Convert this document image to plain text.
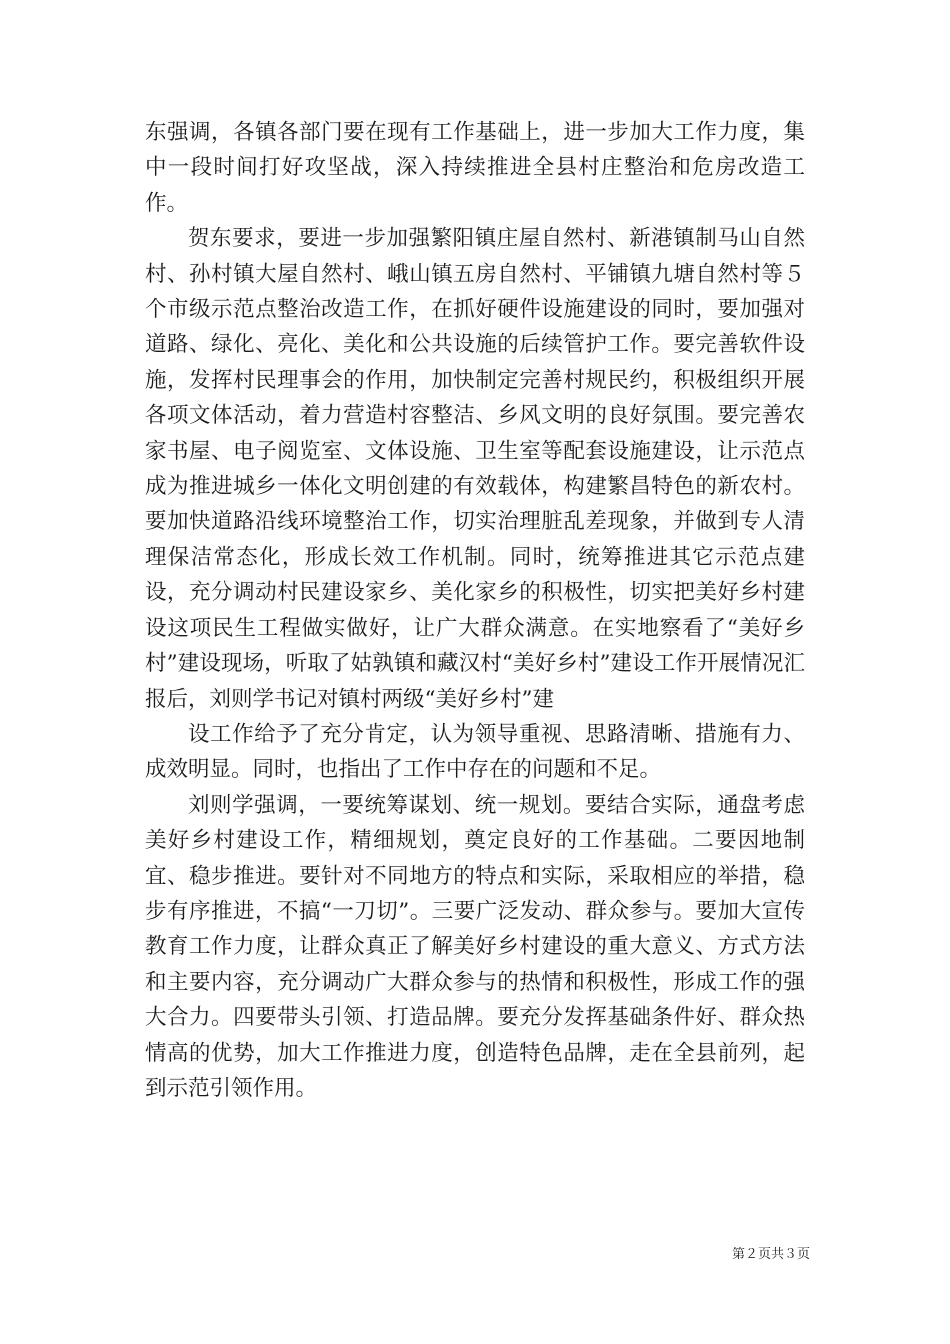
东强调，各镇各部门要在现有工作基础上，进一步加大工作力度，集中一段时间打好攻坚战，深入持续推进全县村庄整治和危房改造工作。

贺东要求，要进一步加强繁阳镇庄屋自然村、新港镇制马山自然村、孙村镇大屋自然村、峨山镇五房自然村、平铺镇九塘自然村等５个市级示范点整治改造工作，在抓好硬件设施建设的同时，要加强对道路、绿化、亮化、美化和公共设施的后续管护工作。要完善软件设施，发挥村民理事会的作用，加快制定完善村规民约，积极组织开展各项文体活动，着力营造村容整洁、乡风文明的良好氛围。要完善农家书屋、电子阅览室、文体设施、卫生室等配套设施建设，让示范点成为推进城乡一体化文明创建的有效载体，构建繁昌特色的新农村。要加快道路沿线环境整治工作，切实治理脏乱差现象，并做到专人清理保洁常态化，形成长效工作机制。同时，统筹推进其它示范点建设，充分调动村民建设家乡、美化家乡的积极性，切实把美好乡村建设这项民生工程做实做好，让广大群众满意。在实地察看了“美好乡村”建设现场，听取了姑孰镇和藏汉村“美好乡村”建设工作开展情况汇报后，刘则学书记对镇村两级“美好乡村”建

设工作给予了充分肯定，认为领导重视、思路清晰、措施有力、成效明显。同时，也指出了工作中存在的问题和不足。

刘则学强调，一要统筹谋划、统一规划。要结合实际，通盘考虑美好乡村建设工作，精细规划，奠定良好的工作基础。二要因地制宜、稳步推进。要针对不同地方的特点和实际，采取相应的举措，稳步有序推进，不搞“一刀切”。三要广泛发动、群众参与。要加大宣传教育工作力度，让群众真正了解美好乡村建设的重大意义、方式方法和主要内容，充分调动广大群众参与的热情和积极性，形成工作的强大合力。四要带头引领、打造品牌。要充分发挥基础条件好、群众热情高的优势，加大工作推进力度，创造特色品牌，走在全县前列，起到示范引领作用。

第２页共３页
